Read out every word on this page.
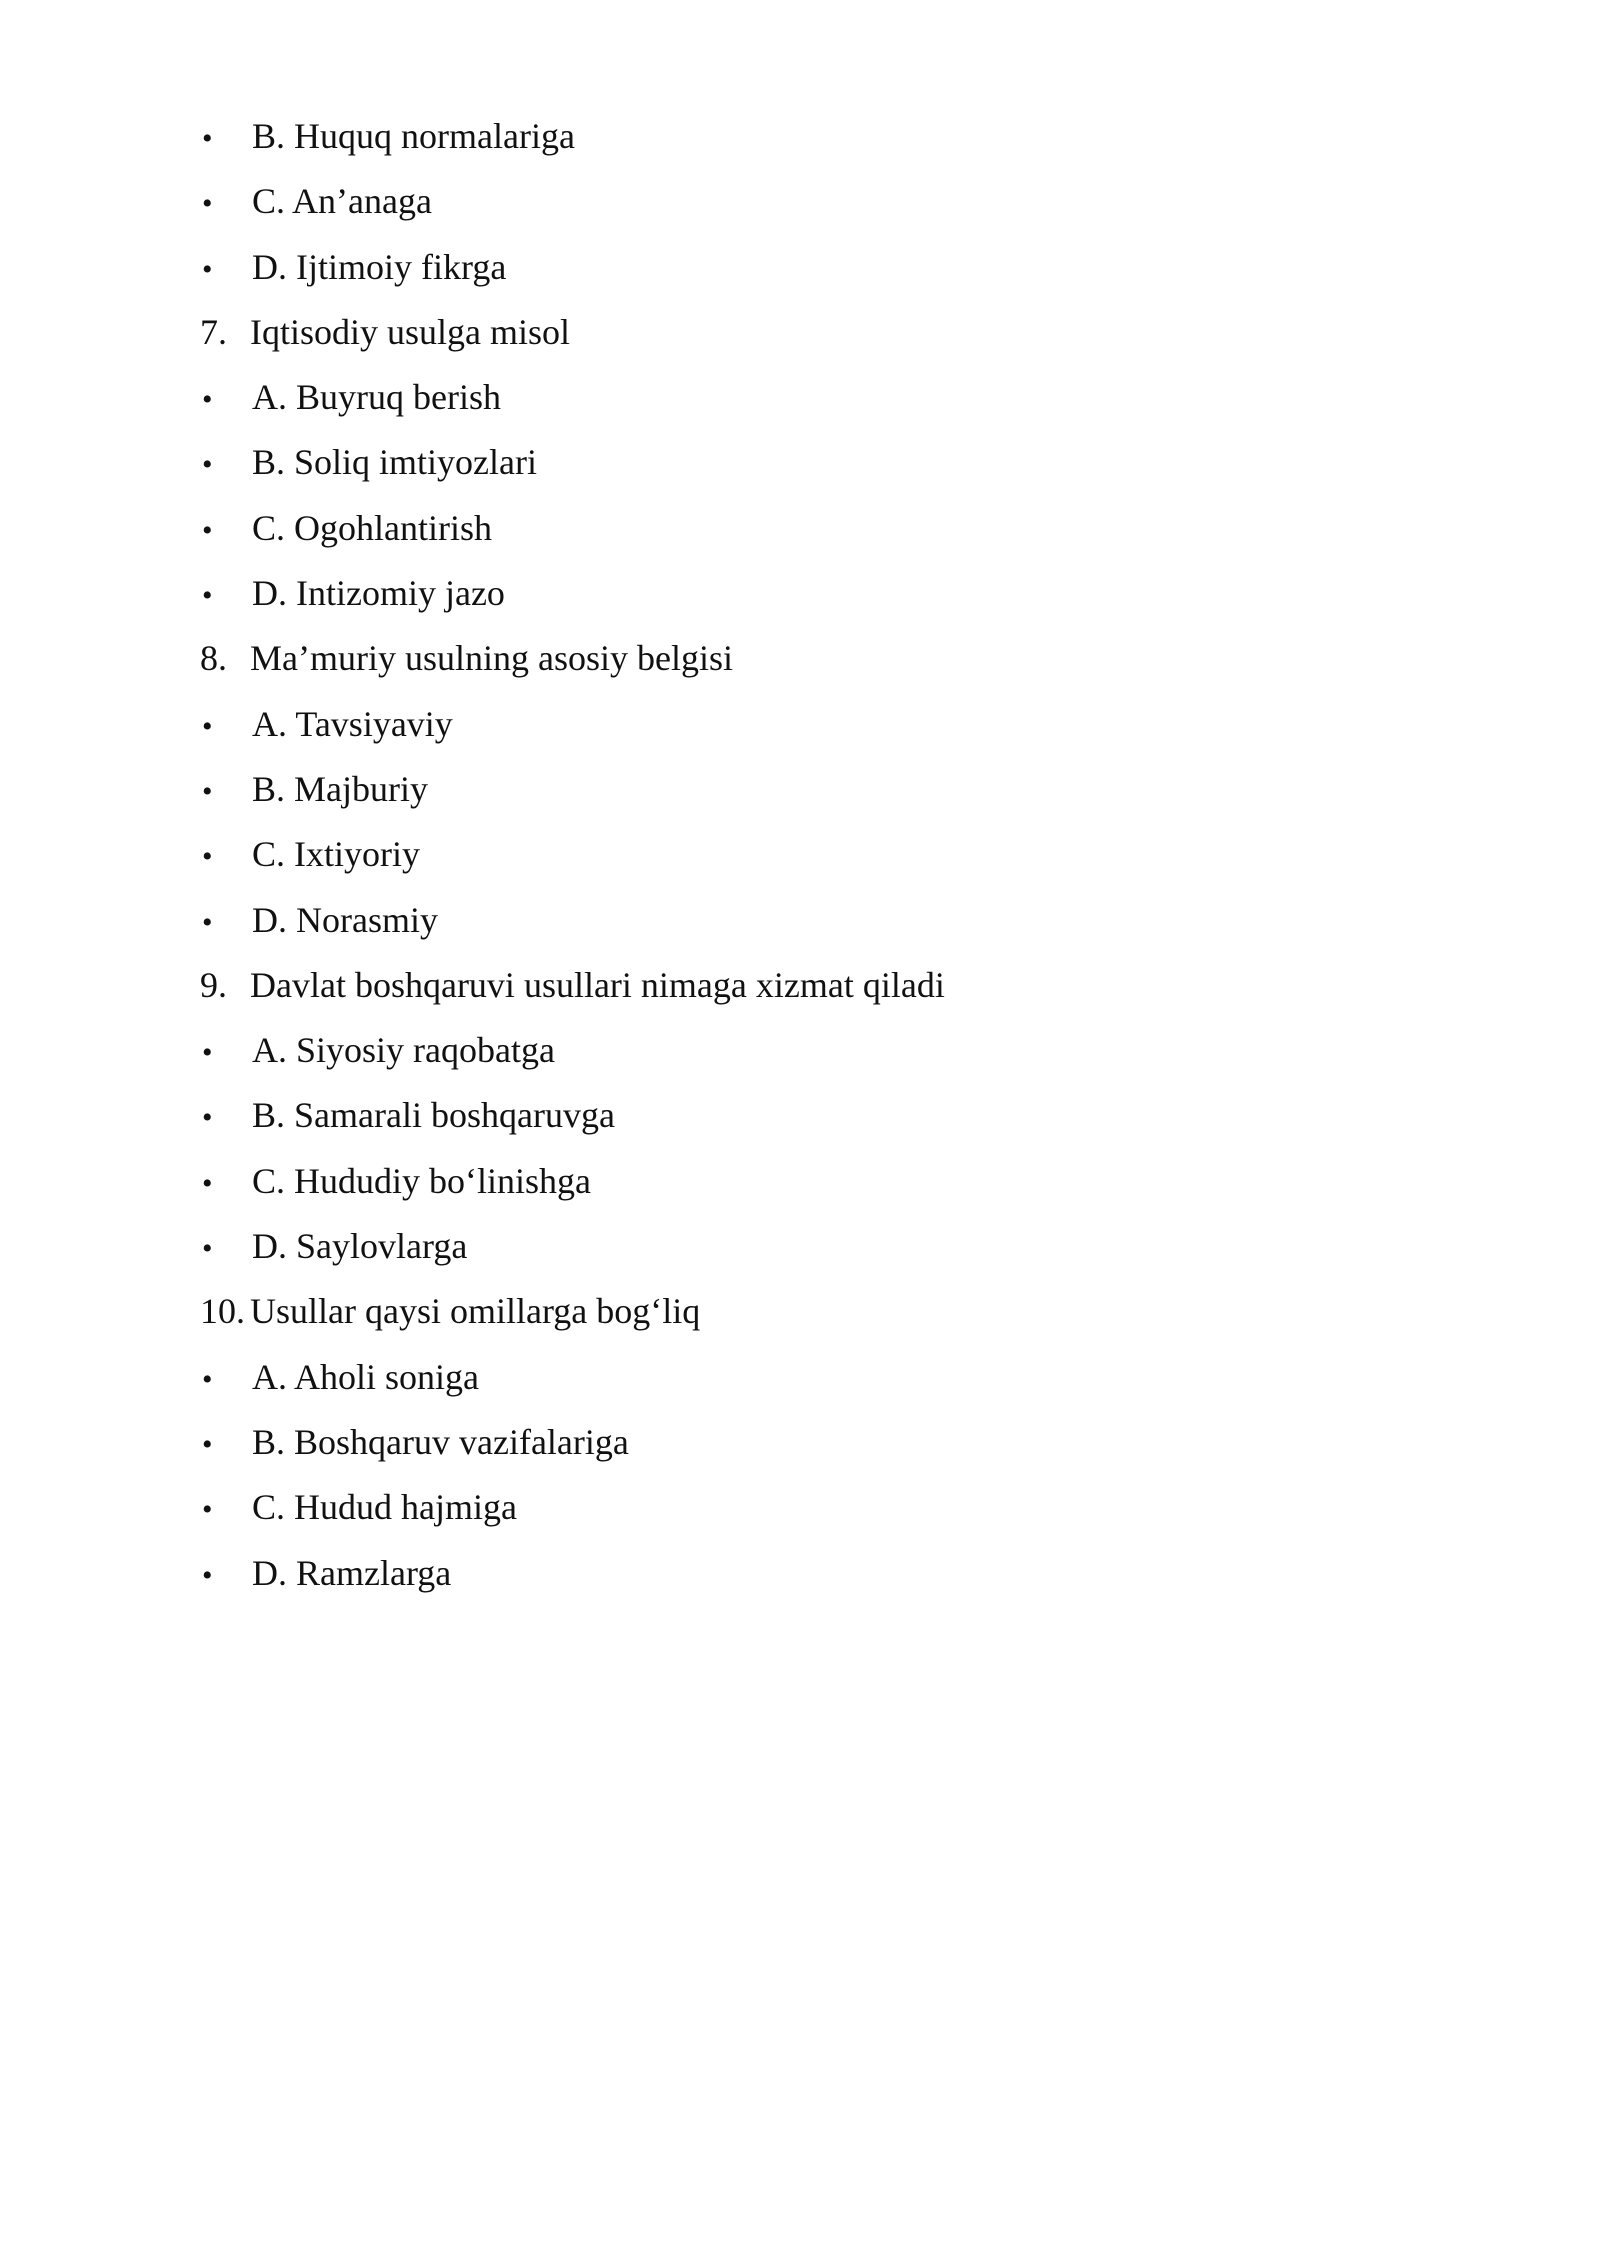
•	B. Huquq normalariga
•	C. An’anaga
•	D. Ijtimoiy fikrga
7. Iqtisodiy usulga misol
•	A. Buyruq berish
•	B. Soliq imtiyozlari
•	C. Ogohlantirish
•	D. Intizomiy jazo
8. Ma’muriy usulning asosiy belgisi
•	A. Tavsiyaviy
•	B. Majburiy
•	C. Ixtiyoriy
•	D. Norasmiy
9. Davlat boshqaruvi usullari nimaga xizmat qiladi
•	A. Siyosiy raqobatga
•	B. Samarali boshqaruvga
•	C. Hududiy bo‘linishga
•	D. Saylovlarga
10. Usullar qaysi omillarga bog‘liq
•	A. Aholi soniga
•	B. Boshqaruv vazifalariga
•	C. Hudud hajmiga
•	D. Ramzlarga
